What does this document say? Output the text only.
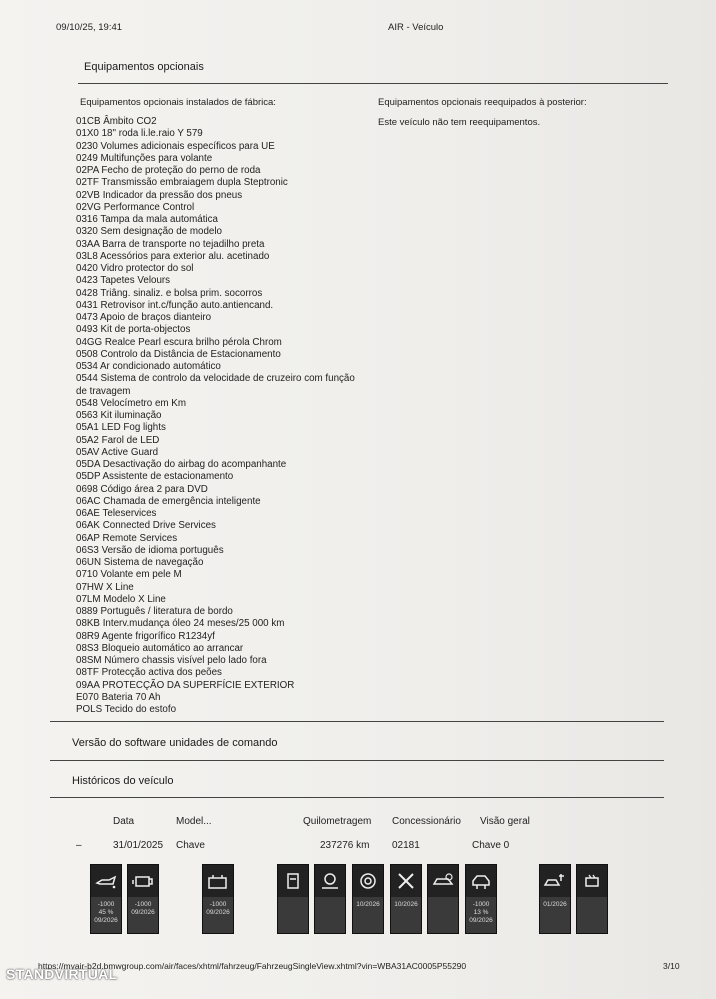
09/10/25, 19:41	AIR - Veículo
Equipamentos opcionais
Equipamentos opcionais instalados de fábrica:	Equipamentos opcionais reequipados à posterior:
Este veículo não tem reequipamentos.
01CB Âmbito CO2
01X0 18" roda li.le.raio Y 579
0230 Volumes adicionais específicos para UE
0249 Multifunções para volante
02PA Fecho de proteção do perno de roda
02TF Transmissão embraiagem dupla Steptronic
02VB Indicador da pressão dos pneus
02VG Performance Control
0316 Tampa da mala automática
0320 Sem designação de modelo
03AA Barra de transporte no tejadilho preta
03L8 Acessórios para exterior alu. acetinado
0420 Vidro protector do sol
0423 Tapetes Velours
0428 Triâng. sinaliz. e bolsa prim. socorros
0431 Retrovisor int.c/função auto.antiencand.
0473 Apoio de braços dianteiro
0493 Kit de porta-objectos
04GG Realce Pearl escura brilho pérola Chrom
0508 Controlo da Distância de Estacionamento
0534 Ar condicionado automático
0544 Sistema de controlo da velocidade de cruzeiro com função de travagem
0548 Velocímetro em Km
0563 Kit iluminação
05A1 LED Fog lights
05A2 Farol de LED
05AV Active Guard
05DA Desactivação do airbag do acompanhante
05DP Assistente de estacionamento
0698 Código área 2 para DVD
06AC Chamada de emergência inteligente
06AE Teleservices
06AK Connected Drive Services
06AP Remote Services
06S3 Versão de idioma português
06UN Sistema de navegação
0710 Volante em pele M
07HW X Line
07LM Modelo X Line
0889 Português / literatura de bordo
08KB Interv.mudança óleo 24 meses/25 000 km
08R9 Agente frigorífico R1234yf
08S3 Bloqueio automático ao arrancar
08SM Número chassis visível pelo lado fora
08TF Protecção activa dos peões
09AA PROTECÇÃO DA SUPERFÍCIE EXTERIOR
E070 Bateria 70 Ah
POLS Tecido do estofo
Versão do software unidades de comando
Históricos do veículo
Data	Model...	Quilometragem Concessionário Visão geral
–	31/01/2025 Chave	237276 km 02181	Chave 0
-1000
45 %
09/2026
-1000
09/2026
-1000
09/2026
10/2026	10/2026	-1000
13 %
09/2026
01/2026
https://myair-b2d.bmwgroup.com/air/faces/xhtml/fahrzeug/FahrzeugSingleView.xhtml?vin=WBA31AC0005P55290	3/10
STANDVIRTUAL
